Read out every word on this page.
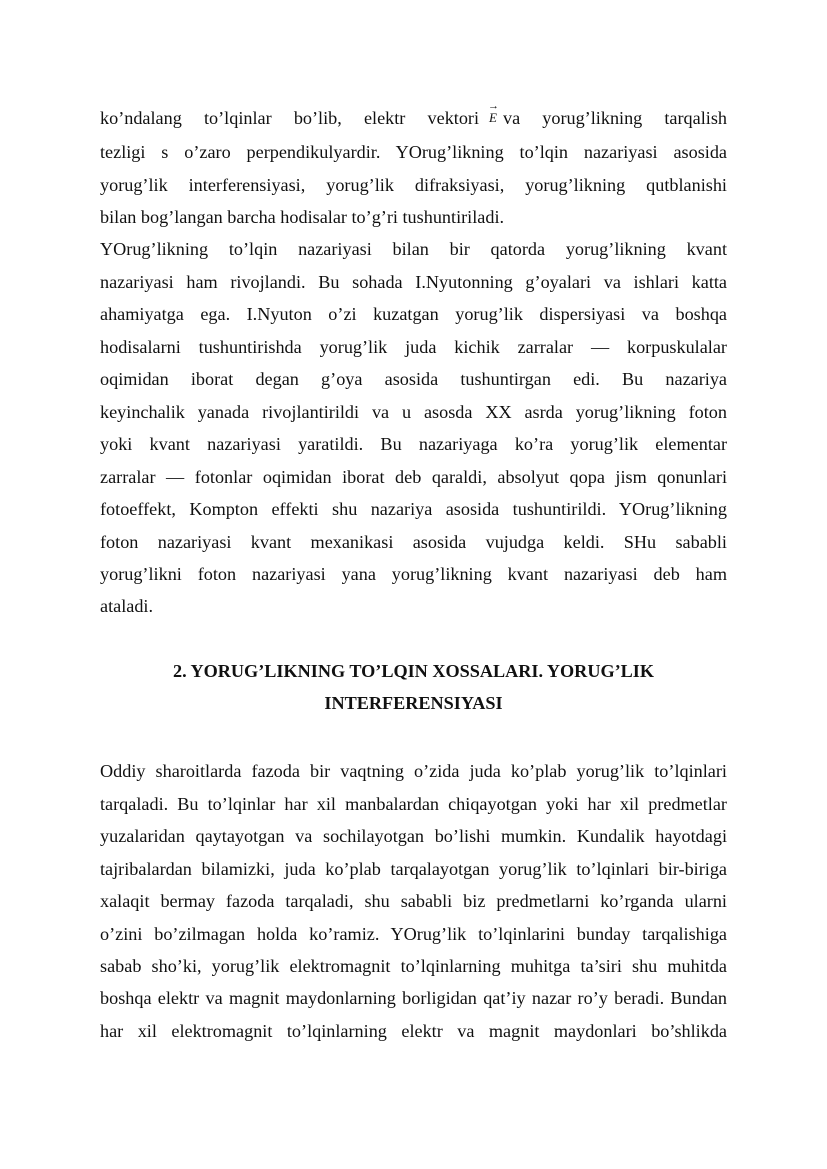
ko’ndalang to’lqinlar bo’lib, elektr vektori
→
E va yorug’likning tarqalish
tezligi s o’zaro perpendikulyardir. YOrug’likning to’lqin nazariyasi asosida
yorug’lik interferensiyasi, yorug’lik difraksiyasi, yorug’likning qutblanishi
bilan bog’langan barcha hodisalar to’g’ri tushuntiriladi.
YOrug’likning to’lqin nazariyasi bilan bir qatorda yorug’likning kvant
nazariyasi ham rivojlandi. Bu sohada I.Nyutonning g’oyalari va ishlari katta
ahamiyatga ega. I.Nyuton o’zi kuzatgan yorug’lik dispersiyasi va boshqa
hodisalarni tushuntirishda yorug’lik juda kichik zarralar — korpuskulalar
oqimidan iborat degan g’oya asosida tushuntirgan edi. Bu nazariya
keyinchalik yanada rivojlantirildi va u asosda XX asrda yorug’likning foton
yoki kvant nazariyasi yaratildi. Bu nazariyaga ko’ra yorug’lik elementar
zarralar — fotonlar oqimidan iborat deb qaraldi, absolyut qopa jism qonunlari
fotoeffekt, Kompton effekti shu nazariya asosida tushuntirildi. YOrug’likning
foton nazariyasi kvant mexanikasi asosida vujudga keldi. SHu sababli
yorug’likni foton nazariyasi yana yorug’likning kvant nazariyasi deb ham
ataladi.
2. YORUG’LIKNING TO’LQIN XOSSALARI. YORUG’LIK
INTERFERENSIYASI
Oddiy sharoitlarda fazoda bir vaqtning o’zida juda ko’plab yorug’lik to’lqinlari
tarqaladi. Bu to’lqinlar har xil manbalardan chiqayotgan yoki har xil predmetlar
yuzalaridan qaytayotgan va sochilayotgan bo’lishi mumkin. Kundalik hayotdagi
tajribalardan bilamizki, juda ko’plab tarqalayotgan yorug’lik to’lqinlari bir-biriga
xalaqit bermay fazoda tarqaladi, shu sababli biz predmetlarni ko’rganda ularni
o’zini bo’zilmagan holda ko’ramiz. YOrug’lik to’lqinlarini bunday tarqalishiga
sabab sho’ki, yorug’lik elektromagnit to’lqinlarning muhitga ta’siri shu muhitda
boshqa elektr va magnit maydonlarning borligidan qat’iy nazar ro’y beradi. Bundan
har xil elektromagnit to’lqinlarning elektr va magnit maydonlari bo’shlikda
